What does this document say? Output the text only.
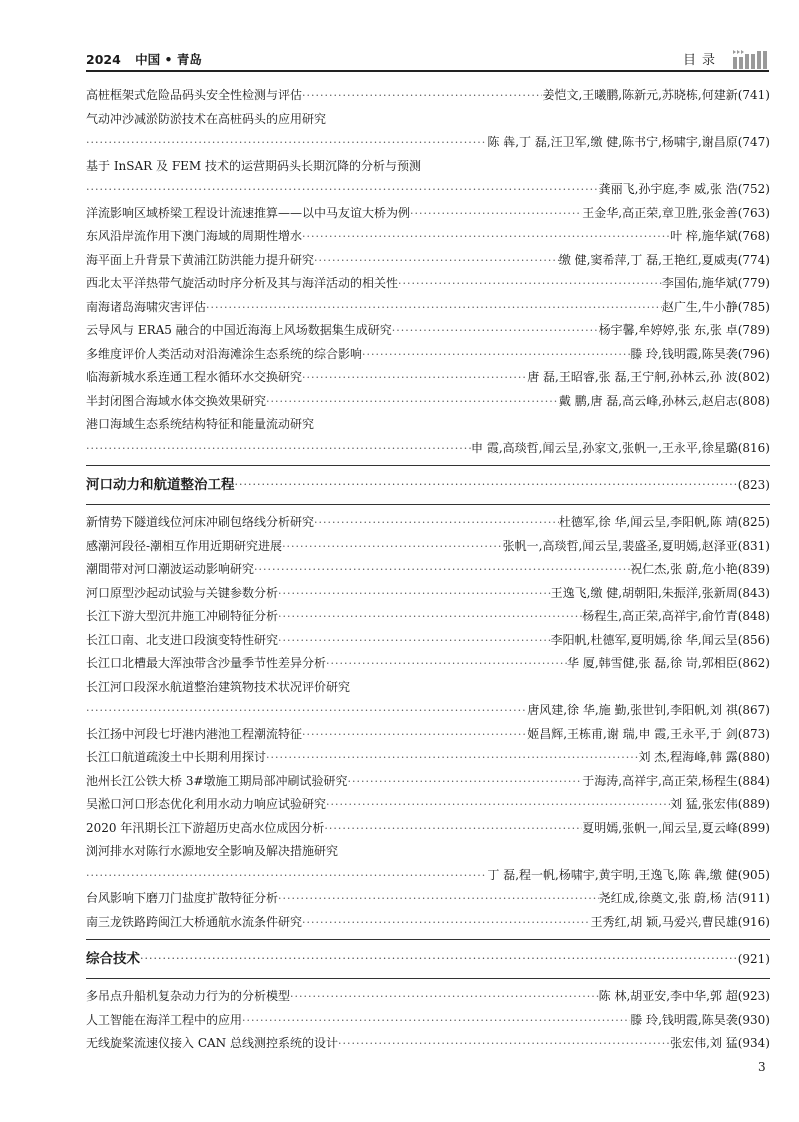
2024 中国 • 青岛	目录
高桩框架式危险品码头安全性检测与评估 ·····	姜恺文,王曦鹏,陈新元,苏晓栋,何建新(741)
气动冲沙减淤防淤技术在高桩码头的应用研究
·····
陈 犇,丁 磊,汪卫军,缴 健,陈书宁,杨啸宇,谢昌原(747)
基于 InSAR 及 FEM 技术的运营期码头长期沉降的分析与预测
·····
龚丽飞,孙宇庭,李 威,张 浩(752)
洋流影响区域桥梁工程设计流速推算——以中马友谊大桥为例 ·····	王金华,高正荣,章卫胜,张金善(763)
东风沿岸流作用下澳门海域的周期性增水 ·····	叶 梓,施华斌(768)
海平面上升背景下黄浦江防洪能力提升研究 ·····	缴 健,窦希萍,丁 磊,王艳红,夏威夷(774)
西北太平洋热带气旋活动时序分析及其与海洋活动的相关性 ·····	李国佑,施华斌(779)
南海诸岛海啸灾害评估 ·····	赵广生,牛小静(785)
云导风与 ERA5 融合的中国近海海上风场数据集生成研究 ·····	杨宇馨,牟婷婷,张 东,张 卓(789)
多维度评价人类活动对沿海滩涂生态系统的综合影响 ·····	滕 玲,钱明霞,陈昊袭(796)
临海新城水系连通工程水循环水交换研究 ·····	唐 磊,王昭睿,张 磊,王宁舸,孙林云,孙 波(802)
半封闭图合海域水体交换效果研究 ·····	戴 鹏,唐 磊,高云峰,孙林云,赵启志(808)
港口海域生态系统结构特征和能量流动研究
·····
申 霞,高琰哲,闻云呈,孙家文,张帆一,王永平,徐星璐(816)
河口动力和航道整治工程 ·····	(823)
新情势下隧道线位河床冲刷包络线分析研究 ·····	杜德军,徐 华,闻云呈,李阳帆,陈 靖(825)
感潮河段径-潮相互作用近期研究进展 ·····	张帆一,高琰哲,闻云呈,裴盛圣,夏明嫣,赵泽亚(831)
潮間带对河口潮波运动影响研究 ·····	祝仁杰,张 蔚,危小艳(839)
河口原型沙起动试验与关键参数分析 ·····	王逸飞,缴 健,胡朝阳,朱振洋,张新周(843)
长江下游大型沉井施工冲刷特征分析 ·····	杨程生,高正荣,高祥宇,俞竹青(848)
长江口南、北支进口段演变特性研究 ·····	李阳帆,杜德军,夏明嫣,徐 华,闻云呈(856)
长江口北槽最大浑浊带含沙量季节性差异分析 ·····	华 厦,韩雪健,张 磊,徐 岢,郭相臣(862)
长江河口段深水航道整治建筑物技术状况评价研究
·····
唐风建,徐 华,施 勤,张世钊,李阳帆,刘 祺(867)
长江扬中河段七圩港内港池工程潮流特征 ·····	姬昌辉,王栋甫,谢 瑞,申 霞,王永平,于 剑(873)
长江口航道疏浚土中长期利用探讨 ·····	刘 杰,程海峰,韩 露(880)
池州长江公铁大桥 3#墩施工期局部冲刷试验研究 ·····	于海涛,高祥宇,高正荣,杨程生(884)
吴淞口河口形态优化利用水动力响应试验研究 ·····	刘 猛,张宏伟(889)
2020 年汛期长江下游超历史高水位成因分析 ·····	夏明嫣,张帆一,闻云呈,夏云峰(899)
浏河排水对陈行水源地安全影响及解决措施研究
·····
丁 磊,程一帆,杨啸宇,黄宇明,王逸飞,陈 犇,缴 健(905)
台风影响下磨刀门盐度扩散特征分析 ·····	尧红成,徐奠文,张 蔚,杨 洁(911)
南三龙铁路跨闽江大桥通航水流条件研究 ·····	王秀红,胡 颖,马爱兴,曹民雄(916)
综合技术 ·····	(921)
多吊点升船机复杂动力行为的分析模型 ·····	陈 林,胡亚安,李中华,郭 超(923)
人工智能在海洋工程中的应用 ·····	滕 玲,钱明霞,陈昊袭(930)
无线旋桨流速仪接入 CAN 总线测控系统的设计 ·····	张宏伟,刘 猛(934)
3
